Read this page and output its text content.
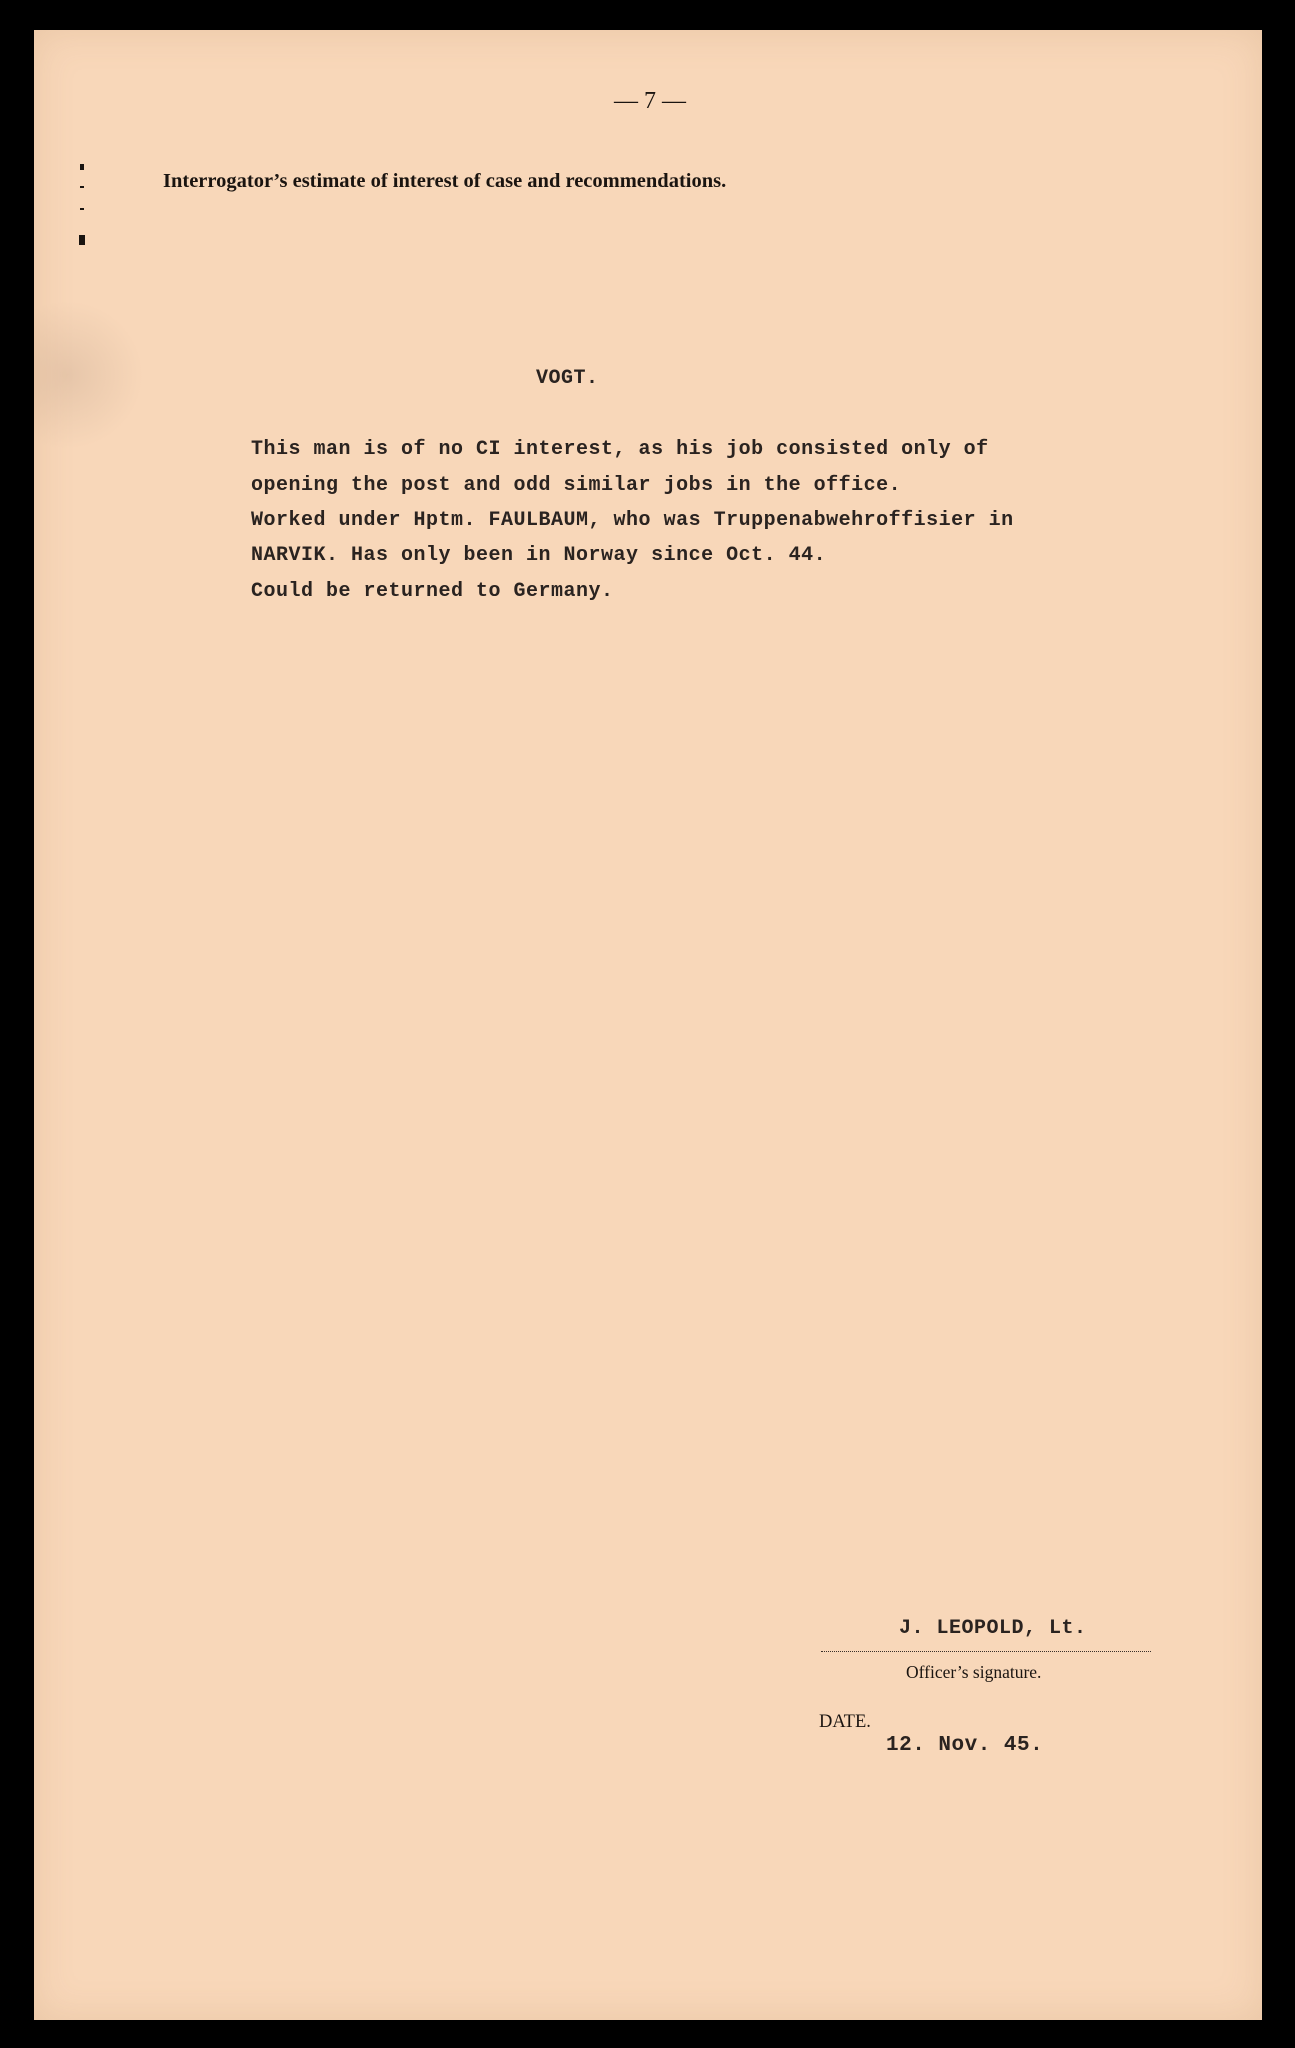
— 7 —
Interrogator’s estimate of interest of case and recommendations.
VOGT.
This man is of no CI interest, as his job consisted only of
opening the post and odd similar jobs in the office.
Worked under Hptm. FAULBAUM, who was Truppenabwehroffisier in
NARVIK. Has only been in Norway since Oct. 44.
Could be returned to Germany.
J. LEOPOLD, Lt.
Officer’s signature.
DATE.
12. Nov. 45.
